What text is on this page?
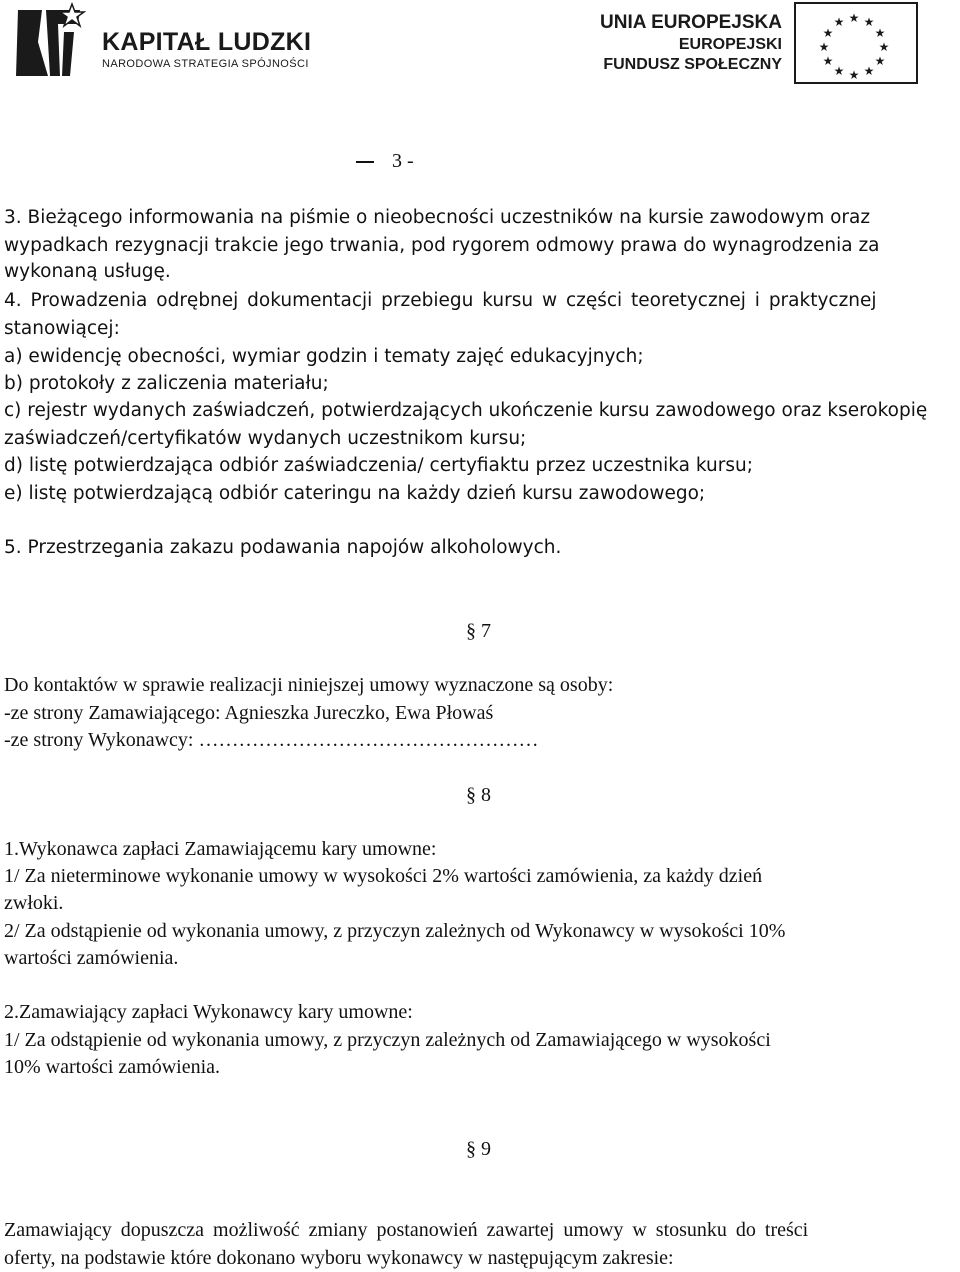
KAPITAŁ LUDZKI
NARODOWA STRATEGIA SPÓJNOŚCI
UNIA EUROPEJSKA
EUROPEJSKI
FUNDUSZ SPOŁECZNY
★ ★
★
★
★
★
★
★
★
★
★
★
3 -
3. Bieżącego informowania na piśmie o nieobecności uczestników na kursie zawodowym oraz
wypadkach rezygnacji trakcie jego trwania, pod rygorem odmowy prawa do wynagrodzenia za
wykonaną usługę.
4. Prowadzenia odrębnej dokumentacji przebiegu kursu w części teoretycznej i praktycznej
stanowiącej:
a) ewidencję obecności, wymiar godzin i tematy zajęć edukacyjnych;
b) protokoły z zaliczenia materiału;
c) rejestr wydanych zaświadczeń, potwierdzających ukończenie kursu zawodowego oraz kserokopię
zaświadczeń/certyfikatów wydanych uczestnikom kursu;
d) listę potwierdzająca odbiór zaświadczenia/ certyfiaktu przez uczestnika kursu;
e) listę potwierdzającą odbiór cateringu na każdy dzień kursu zawodowego;
5. Przestrzegania zakazu podawania napojów alkoholowych.
§ 7
Do kontaktów w sprawie realizacji niniejszej umowy wyznaczone są osoby:
-ze strony Zamawiającego: Agnieszka Jureczko, Ewa Płowaś
-ze strony Wykonawcy: ……………………………………………
§ 8
1.Wykonawca zapłaci Zamawiającemu kary umowne:
1/ Za nieterminowe wykonanie umowy w wysokości 2% wartości zamówienia, za każdy dzień
zwłoki.
2/ Za odstąpienie od wykonania umowy, z przyczyn zależnych od Wykonawcy w wysokości 10%
wartości zamówienia.
2.Zamawiający zapłaci Wykonawcy kary umowne:
1/ Za odstąpienie od wykonania umowy, z przyczyn zależnych od Zamawiającego w wysokości
10% wartości zamówienia.
§ 9
Zamawiający dopuszcza możliwość zmiany postanowień zawartej umowy w stosunku do treści
oferty, na podstawie które dokonano wyboru wykonawcy w następującym zakresie:
